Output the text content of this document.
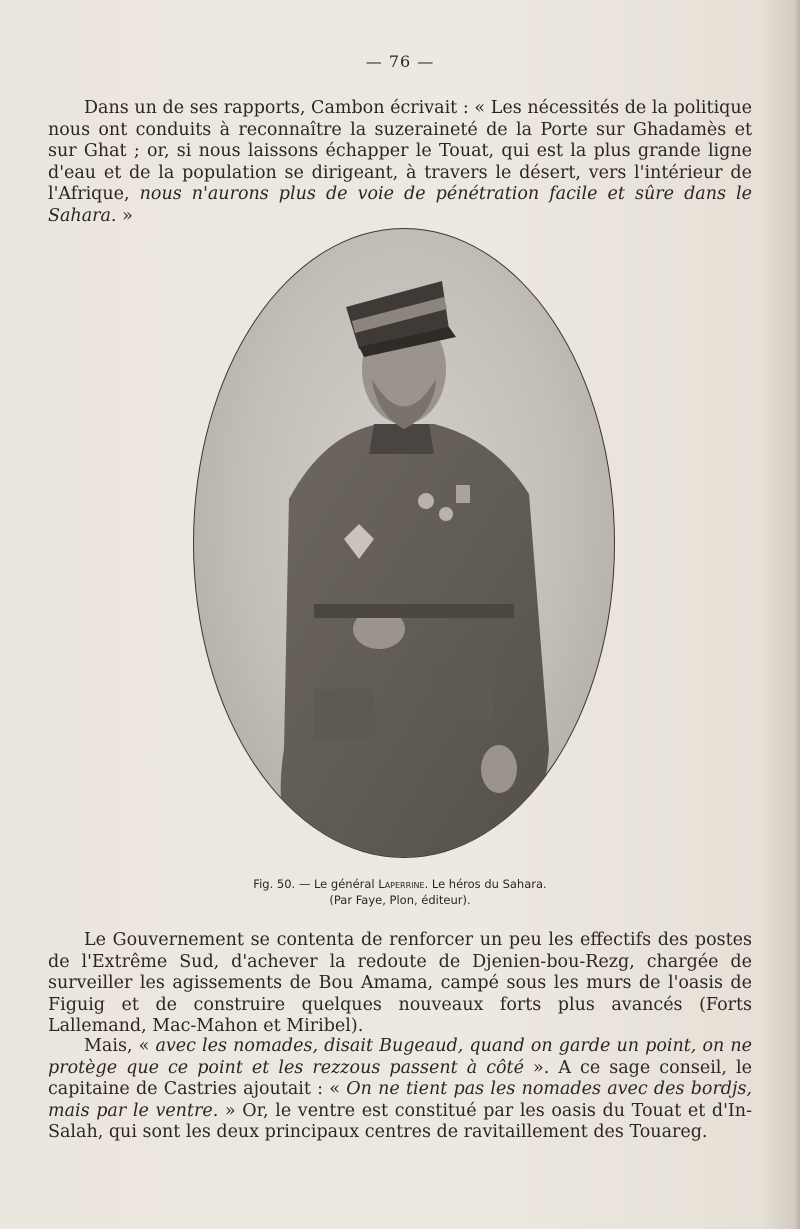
— 76 —

Dans un de ses rapports, Cambon écrivait : « Les nécessités de la politique nous ont conduits à reconnaître la suzeraineté de la Porte sur Ghadamès et sur Ghat ; or, si nous laissons échapper le Touat, qui est la plus grande ligne d'eau et de la population se dirigeant, à travers le désert, vers l'intérieur de l'Afrique, nous n'aurons plus de voie de pénétration facile et sûre dans le Sahara. »

Fig. 50. — Le général Laperrine. Le héros du Sahara.
(Par Faye, Plon, éditeur).

Le Gouvernement se contenta de renforcer un peu les effectifs des postes de l'Extrême Sud, d'achever la redoute de Djenien-bou-Rezg, chargée de surveiller les agissements de Bou Amama, campé sous les murs de l'oasis de Figuig et de construire quelques nouveaux forts plus avancés (Forts Lallemand, Mac-Mahon et Miribel).

Mais, « avec les nomades, disait Bugeaud, quand on garde un point, on ne protège que ce point et les rezzous passent à côté ». A ce sage conseil, le capitaine de Castries ajoutait : « On ne tient pas les nomades avec des bordjs, mais par le ventre. » Or, le ventre est constitué par les oasis du Touat et d'In-Salah, qui sont les deux principaux centres de ravitaillement des Touareg.
